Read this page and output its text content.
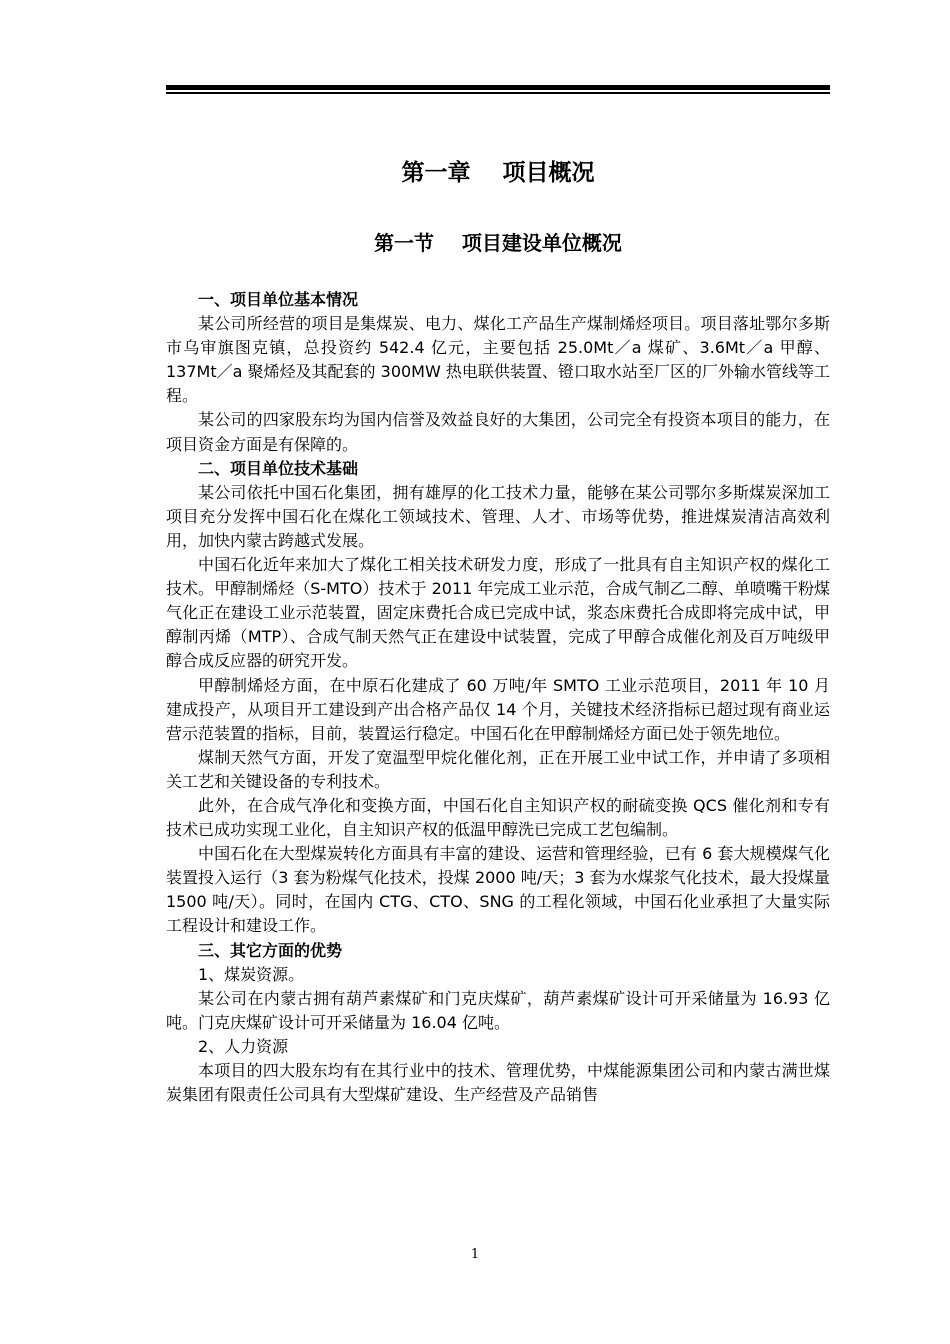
第一章    项目概况
第一节    项目建设单位概况

一、项目单位基本情况

某公司所经营的项目是集煤炭、电力、煤化工产品生产煤制烯烃项目。项目落址鄂尔多斯市乌审旗图克镇，总投资约 542.4 亿元，主要包括 25.0Mt／a 煤矿、3.6Mt／a 甲醇、137Mt／a 聚烯烃及其配套的 300MW 热电联供装置、镫口取水站至厂区的厂外输水管线等工程。

某公司的四家股东均为国内信誉及效益良好的大集团，公司完全有投资本项目的能力，在项目资金方面是有保障的。

二、项目单位技术基础

某公司依托中国石化集团，拥有雄厚的化工技术力量，能够在某公司鄂尔多斯煤炭深加工项目充分发挥中国石化在煤化工领域技术、管理、人才、市场等优势，推进煤炭清洁高效利用，加快内蒙古跨越式发展。

中国石化近年来加大了煤化工相关技术研发力度，形成了一批具有自主知识产权的煤化工技术。甲醇制烯烃（S-MTO）技术于 2011 年完成工业示范，合成气制乙二醇、单喷嘴干粉煤气化正在建设工业示范装置，固定床费托合成已完成中试，浆态床费托合成即将完成中试，甲醇制丙烯（MTP）、合成气制天然气正在建设中试装置，完成了甲醇合成催化剂及百万吨级甲醇合成反应器的研究开发。

甲醇制烯烃方面，在中原石化建成了 60 万吨/年 SMTO 工业示范项目，2011 年 10 月建成投产，从项目开工建设到产出合格产品仅 14 个月，关键技术经济指标已超过现有商业运营示范装置的指标，目前，装置运行稳定。中国石化在甲醇制烯烃方面已处于领先地位。

煤制天然气方面，开发了宽温型甲烷化催化剂，正在开展工业中试工作，并申请了多项相关工艺和关键设备的专利技术。

此外，在合成气净化和变换方面，中国石化自主知识产权的耐硫变换 QCS 催化剂和专有技术已成功实现工业化，自主知识产权的低温甲醇洗已完成工艺包编制。

中国石化在大型煤炭转化方面具有丰富的建设、运营和管理经验，已有 6 套大规模煤气化装置投入运行（3 套为粉煤气化技术，投煤 2000 吨/天；3 套为水煤浆气化技术，最大投煤量 1500 吨/天）。同时，在国内 CTG、CTO、SNG 的工程化领域，中国石化业承担了大量实际工程设计和建设工作。

三、其它方面的优势

1、煤炭资源。

某公司在内蒙古拥有葫芦素煤矿和门克庆煤矿，葫芦素煤矿设计可开采储量为 16.93 亿吨。门克庆煤矿设计可开采储量为 16.04 亿吨。

2、人力资源

本项目的四大股东均有在其行业中的技术、管理优势，中煤能源集团公司和内蒙古满世煤炭集团有限责任公司具有大型煤矿建设、生产经营及产品销售

1
